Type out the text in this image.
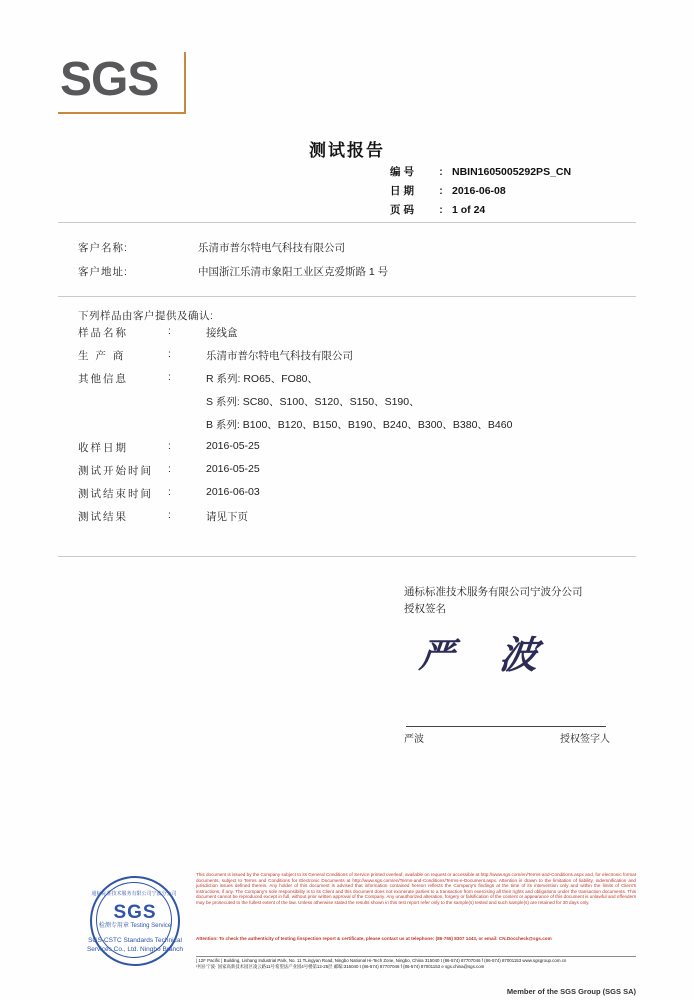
SGS
测试报告
编号	: NBIN1605005292PS_CN
日期	: 2016-06-08
页码	: 1 of 24
客户名称:	乐清市普尔特电气科技有限公司
客户地址:	中国浙江乐清市象阳工业区克爱斯路 1 号
下列样品由客户提供及确认:
样品名称	:	接线盒
生 产 商	:	乐清市普尔特电气科技有限公司
其他信息	:	R 系列: RO65、FO80、
S 系列: SC80、S100、S120、S150、S190、
B 系列: B100、B120、B150、B190、B240、B300、B380、B460
收样日期	:	2016-05-25
测试开始时间	:	2016-05-25
测试结束时间	:	2016-06-03
测试结果	:	请见下页
通标标准技术服务有限公司宁波分公司
授权签名
严 波
严波	授权签字人
通标标准技术服务有限公司宁波分公司
SGS
检测专用章 Testing Service
SGS-CSTC Standards Technical Services Co., Ltd. Ningbo Branch
This document is issued by the Company subject to its General Conditions of Service printed overleaf, available on request or accessible at http://www.sgs.com/en/Terms-and-Conditions.aspx and, for electronic format documents, subject to Terms and Conditions for Electronic Documents at http://www.sgs.com/en/Terms-and-Conditions/Terms-e-Document.aspx. Attention is drawn to the limitation of liability, indemnification and jurisdiction issues defined therein. Any holder of this document is advised that information contained hereon reflects the Company's findings at the time of its intervention only and within the limits of Client's instructions, if any. The Company's sole responsibility is to its Client and this document does not exonerate parties to a transaction from exercising all their rights and obligations under the transaction documents. This document cannot be reproduced except in full, without prior written approval of the Company. Any unauthorized alteration, forgery or falsification of the content or appearance of this document is unlawful and offenders may be prosecuted to the fullest extent of the law. Unless otherwise stated the results shown in this test report refer only to the sample(s) tested and such sample(s) are retained for 30 days only.
Attention: To check the authenticity of testing /inspection report & certificate, please contact us at telephone: (86-755) 8307 1443, or email: CN.Doccheck@sgs.com
| 12F Pacific | Building, Lishang Industrial Park, No. 11 TLingyan Road, Ningbo National Hi-Tech Zone, Ningbo, China 315040 t (86-574) 87707046 f (86-574) 87001153 www.sgsgroup.com.cn
中国·宁波· 国家高新技术园区凌云路11号希望法产业园4号楼第12-25层 邮编:315040 t (86-574) 87707046 f (86-574) 87001153 e sgs.china@sgs.com
Member of the SGS Group (SGS SA)
